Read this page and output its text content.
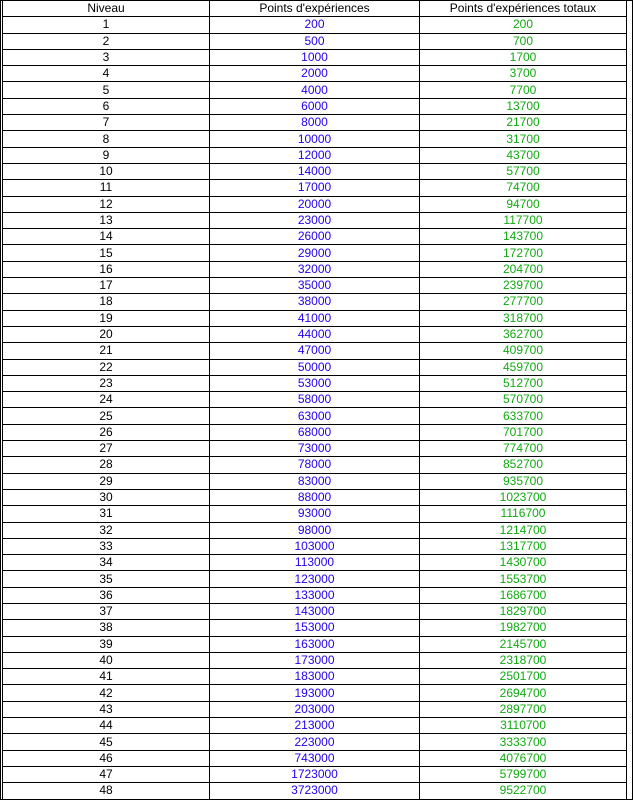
Niveau	Points d'expériences	Points d'expériences totaux
1	200	200
2	500	700
3	1000	1700
4	2000	3700
5	4000	7700
6	6000	13700
7	8000	21700
8	10000	31700
9	12000	43700
10	14000	57700
11	17000	74700
12	20000	94700
13	23000	117700
14	26000	143700
15	29000	172700
16	32000	204700
17	35000	239700
18	38000	277700
19	41000	318700
20	44000	362700
21	47000	409700
22	50000	459700
23	53000	512700
24	58000	570700
25	63000	633700
26	68000	701700
27	73000	774700
28	78000	852700
29	83000	935700
30	88000	1023700
31	93000	1116700
32	98000	1214700
33	103000	1317700
34	113000	1430700
35	123000	1553700
36	133000	1686700
37	143000	1829700
38	153000	1982700
39	163000	2145700
40	173000	2318700
41	183000	2501700
42	193000	2694700
43	203000	2897700
44	213000	3110700
45	223000	3333700
46	743000	4076700
47	1723000	5799700
48	3723000	9522700
